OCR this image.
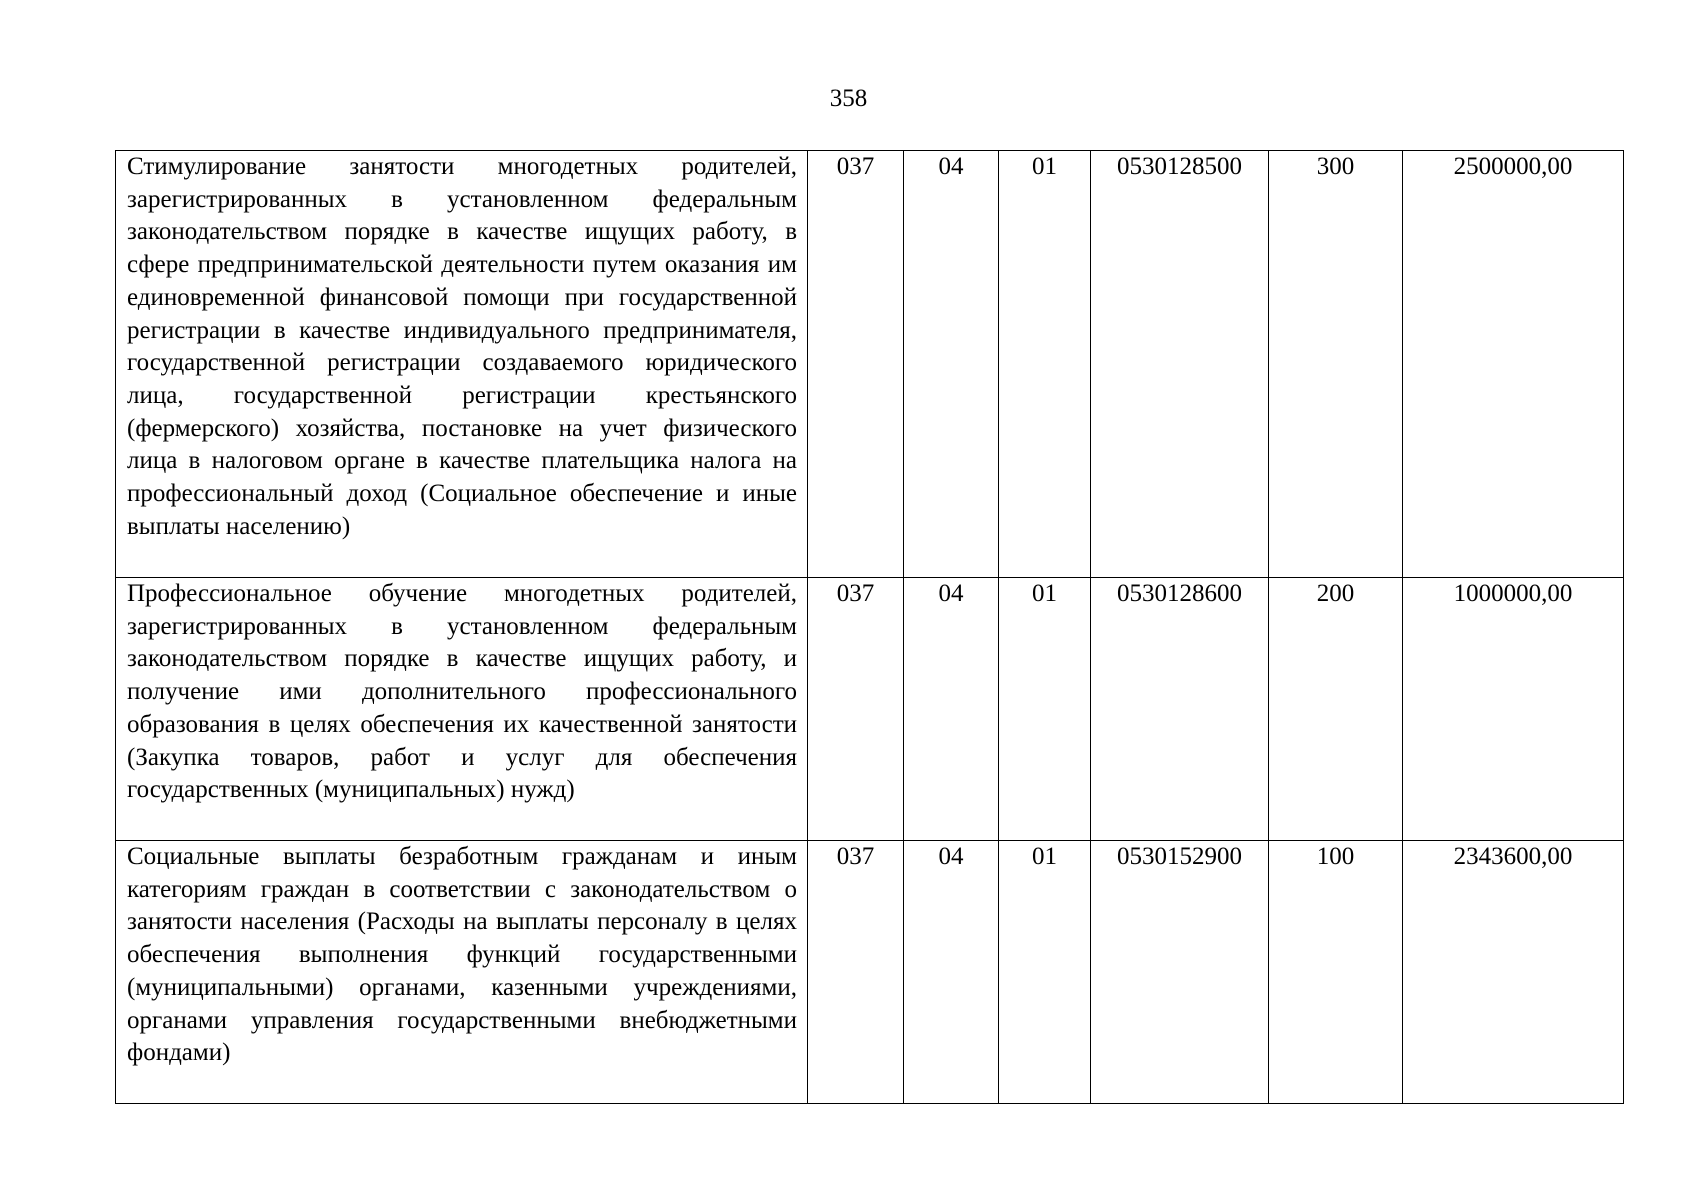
358
Стимулирование занятости многодетных родителей, зарегистрированных в установленном федеральным законодательством порядке в качестве ищущих работу, в сфере предпринимательской деятельности путем оказания им единовременной финансовой помощи при государственной регистрации в качестве индивидуального предпринимателя, государственной регистрации создаваемого юридического лица, государственной регистрации крестьянского (фермерского) хозяйства, постановке на учет физического лица в налоговом органе в качестве плательщика налога на профессиональный доход (Социальное обеспечение и иные выплаты населению)	037	04	01	0530128500	300	2500000,00

Профессиональное обучение многодетных родителей, зарегистрированных в установленном федеральным законодательством порядке в качестве ищущих работу, и получение ими дополнительного профессионального образования в целях обеспечения их качественной занятости (Закупка товаров, работ и услуг для обеспечения государственных (муниципальных) нужд)	037	04	01	0530128600	200	1000000,00

Социальные выплаты безработным гражданам и иным категориям граждан в соответствии с законодательством о занятости населения (Расходы на выплаты персоналу в целях обеспечения выполнения функций государственными (муниципальными) органами, казенными учреждениями, органами управления государственными внебюджетными фондами)	037	04	01	0530152900	100	2343600,00
